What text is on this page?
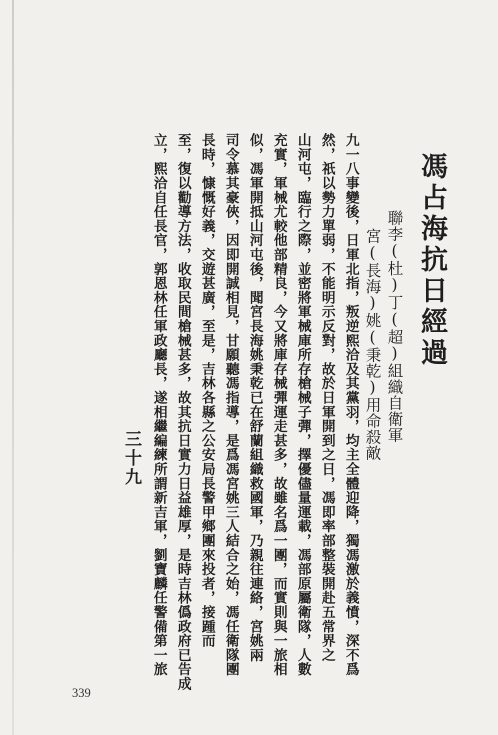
馮占海抗日經過
聯李(杜)丁(超)組織自衛軍
宮(長海)姚(秉乾)用命殺敵
九一八事變後，日軍北指，叛逆熙洽及其黨羽，均主全體迎降，獨馮激於義憤，深不爲
然，祇以勢力單弱，不能明示反對，故於日軍開到之日，馮即率部整裝開赴五常界之
山河屯，臨行之際，並密將軍械庫所存槍械子彈，擇優儘量運載，馮部原屬衛隊，人數
充實，軍械尤較他部精良，今又將庫存械彈運走甚多，故雖名爲一團，而實則與一旅相
似，馮軍開抵山河屯後，聞宮長海姚秉乾已在舒蘭組織救國軍，乃親往連絡，宮姚兩
司令慕其豪俠，因即開誠相見，甘願聽馮指導，是爲馮宮姚三人結合之始，馮任衛隊團
長時，慷慨好義，交遊甚廣，至是，吉林各縣之公安局長警甲鄉團來投者，接踵而
至，復以勸導方法，收取民間槍械甚多，故其抗日實力日益雄厚，是時吉林僞政府已告成
立，熙洽自任長官，郭恩林任軍政廳長，遂相繼編練所謂新吉軍，劉寶麟任警備第一旅
三十九
339
